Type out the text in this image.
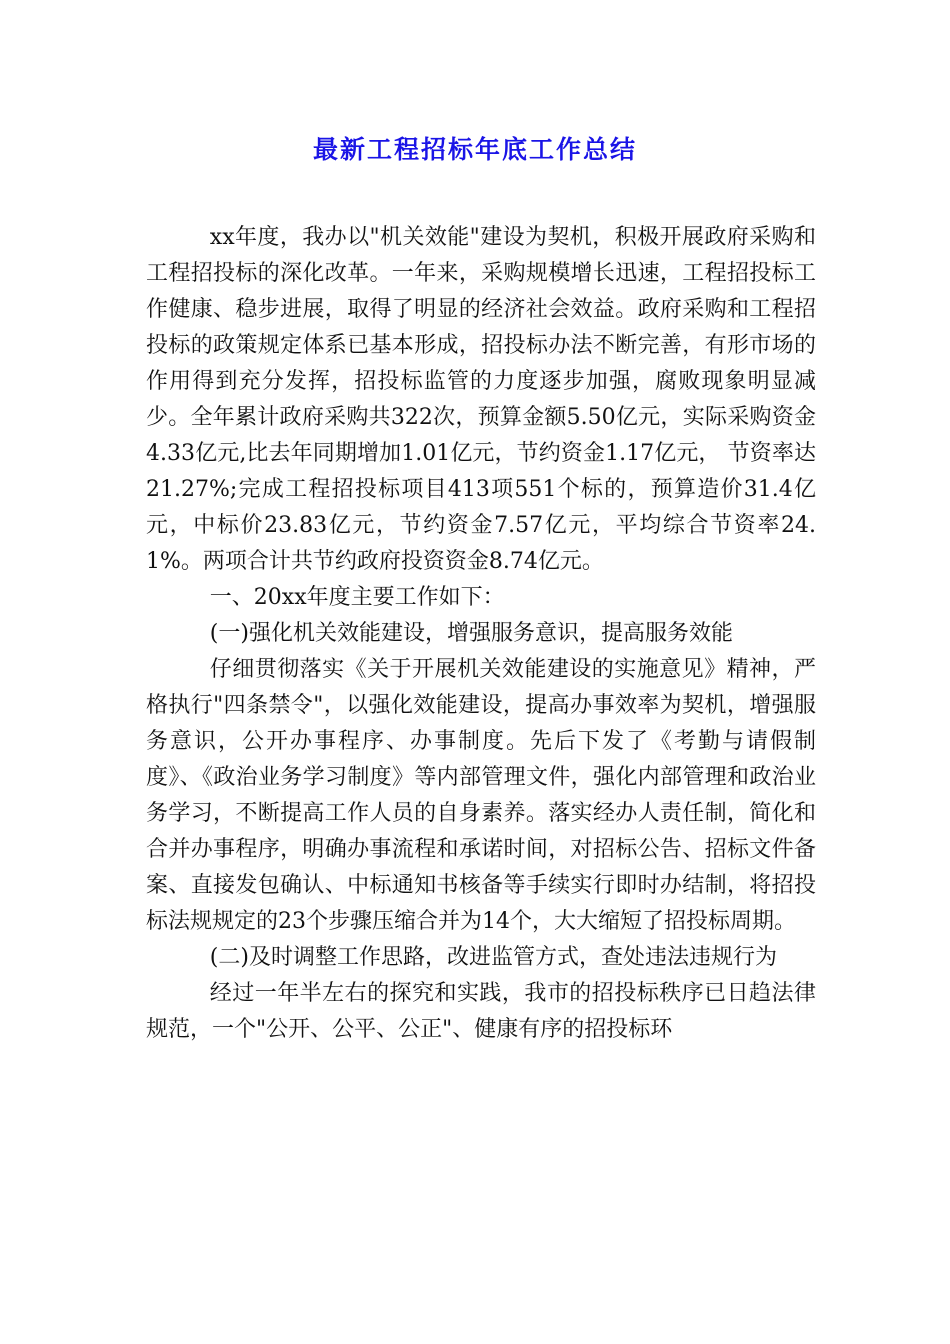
最新工程招标年底工作总结

xx年度，我办以"机关效能"建设为契机，积极开展政府采购和工程招投标的深化改革。一年来，采购规模增长迅速，工程招投标工作健康、稳步进展，取得了明显的经济社会效益。政府采购和工程招投标的政策规定体系已基本形成，招投标办法不断完善，有形市场的作用得到充分发挥，招投标监管的力度逐步加强，腐败现象明显减少。全年累计政府采购共322次，预算金额5.50亿元，实际采购资金4.33亿元,比去年同期增加1.01亿元，节约资金1.17亿元， 节资率达21.27%;完成工程招投标项目413项551个标的，预算造价31.4亿元，中标价23.83亿元，节约资金7.57亿元，平均综合节资率24.1%。两项合计共节约政府投资资金8.74亿元。

一、20xx年度主要工作如下：

(一)强化机关效能建设，增强服务意识，提高服务效能

仔细贯彻落实《关于开展机关效能建设的实施意见》精神，严格执行"四条禁令"，以强化效能建设，提高办事效率为契机，增强服务意识，公开办事程序、办事制度。先后下发了《考勤与请假制度》、《政治业务学习制度》等内部管理文件，强化内部管理和政治业务学习，不断提高工作人员的自身素养。落实经办人责任制，简化和合并办事程序，明确办事流程和承诺时间，对招标公告、招标文件备案、直接发包确认、中标通知书核备等手续实行即时办结制，将招投标法规规定的23个步骤压缩合并为14个，大大缩短了招投标周期。

(二)及时调整工作思路，改进监管方式，查处违法违规行为

经过一年半左右的探究和实践，我市的招投标秩序已日趋法律规范，一个"公开、公平、公正"、健康有序的招投标环
